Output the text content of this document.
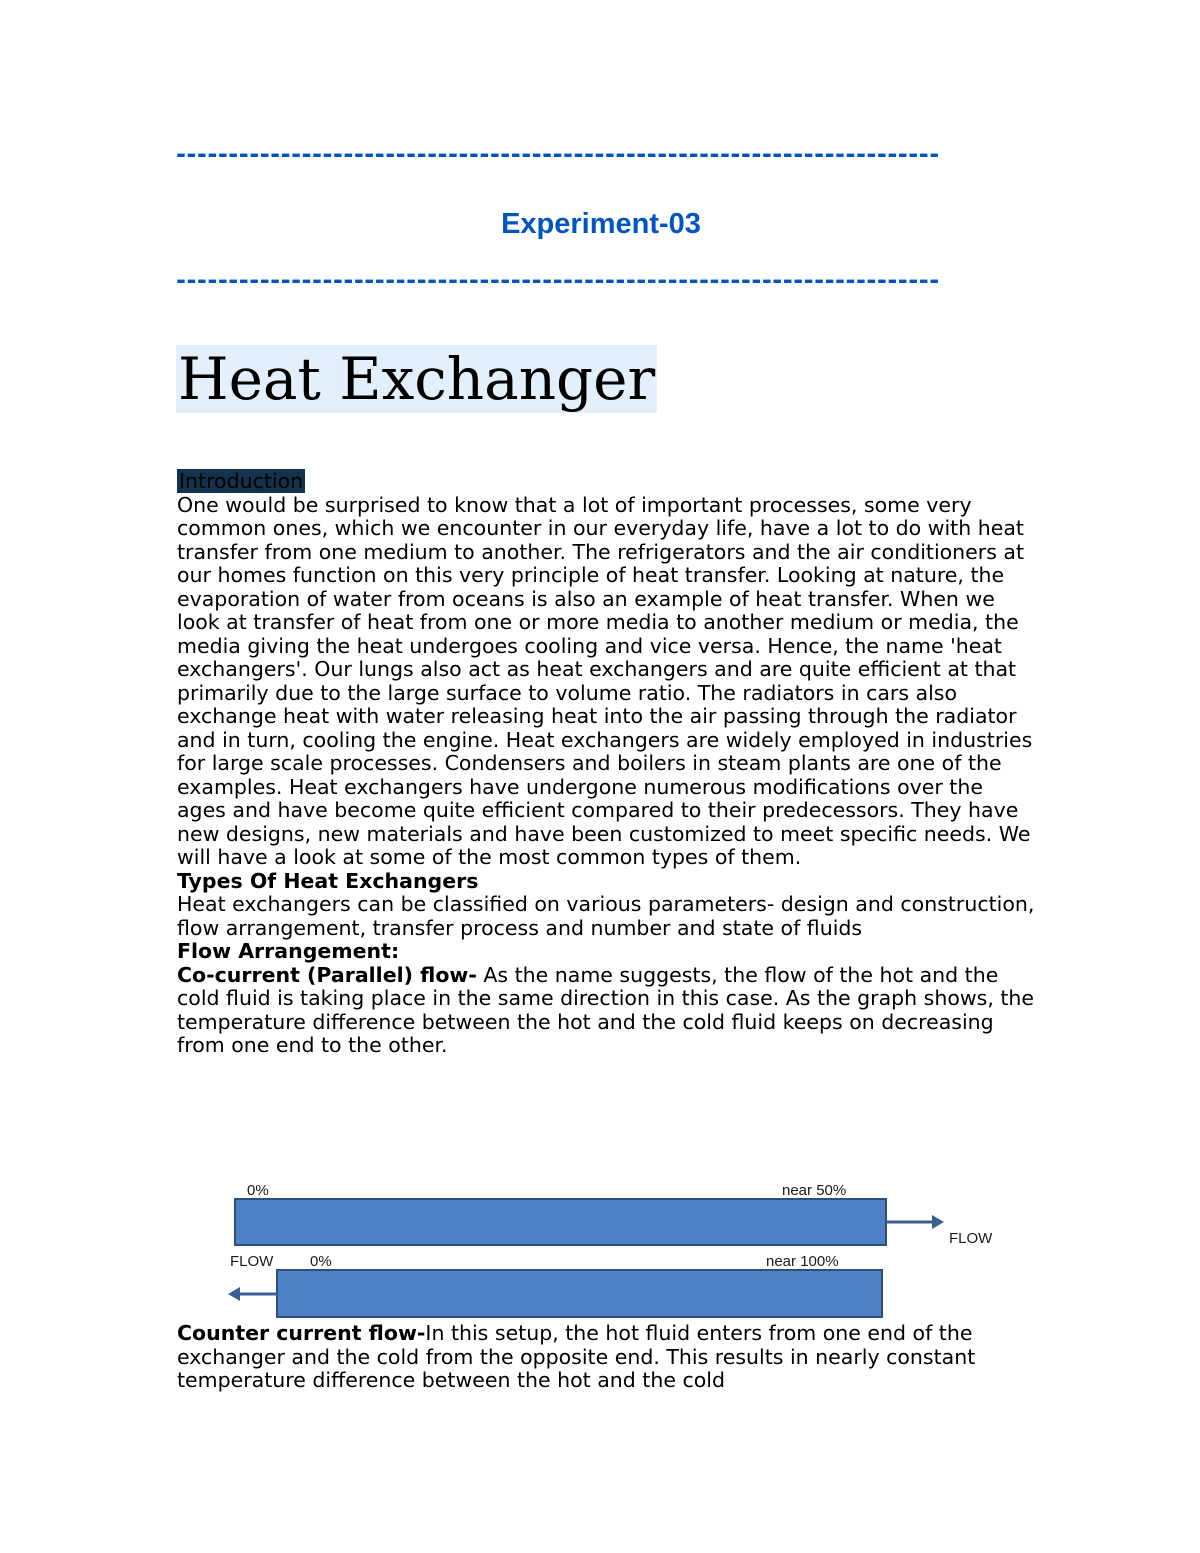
-------------------------------------------------------------------------
Experiment-03
-------------------------------------------------------------------------
Heat Exchanger

Introduction

One would be surprised to know that a lot of important processes, some very common ones, which we encounter in our everyday life, have a lot to do with heat transfer from one medium to another. The refrigerators and the air conditioners at our homes function on this very principle of heat transfer. Looking at nature, the evaporation of water from oceans is also an example of heat transfer. When we look at transfer of heat from one or more media to another medium or media, the media giving the heat undergoes cooling and vice versa. Hence, the name 'heat exchangers'. Our lungs also act as heat exchangers and are quite efficient at that primarily due to the large surface to volume ratio. The radiators in cars also exchange heat with water releasing heat into the air passing through the radiator and in turn, cooling the engine. Heat exchangers are widely employed in industries for large scale processes. Condensers and boilers in steam plants are one of the examples. Heat exchangers have undergone numerous modifications over the ages and have become quite efficient compared to their predecessors. They have new designs, new materials and have been customized to meet specific needs. We will have a look at some of the most common types of them.

Types Of Heat Exchangers

Heat exchangers can be classified on various parameters- design and construction, flow arrangement, transfer process and number and state of fluids

Flow Arrangement:

Co-current (Parallel) flow- As the name suggests, the flow of the hot and the cold fluid is taking place in the same direction in this case. As the graph shows, the temperature difference between the hot and the cold fluid keeps on decreasing from one end to the other.

0%	near 50%
FLOW
FLOW 0%	near 100%

Counter current flow-In this setup, the hot fluid enters from one end of the exchanger and the cold from the opposite end. This results in nearly constant temperature difference between the hot and the cold
